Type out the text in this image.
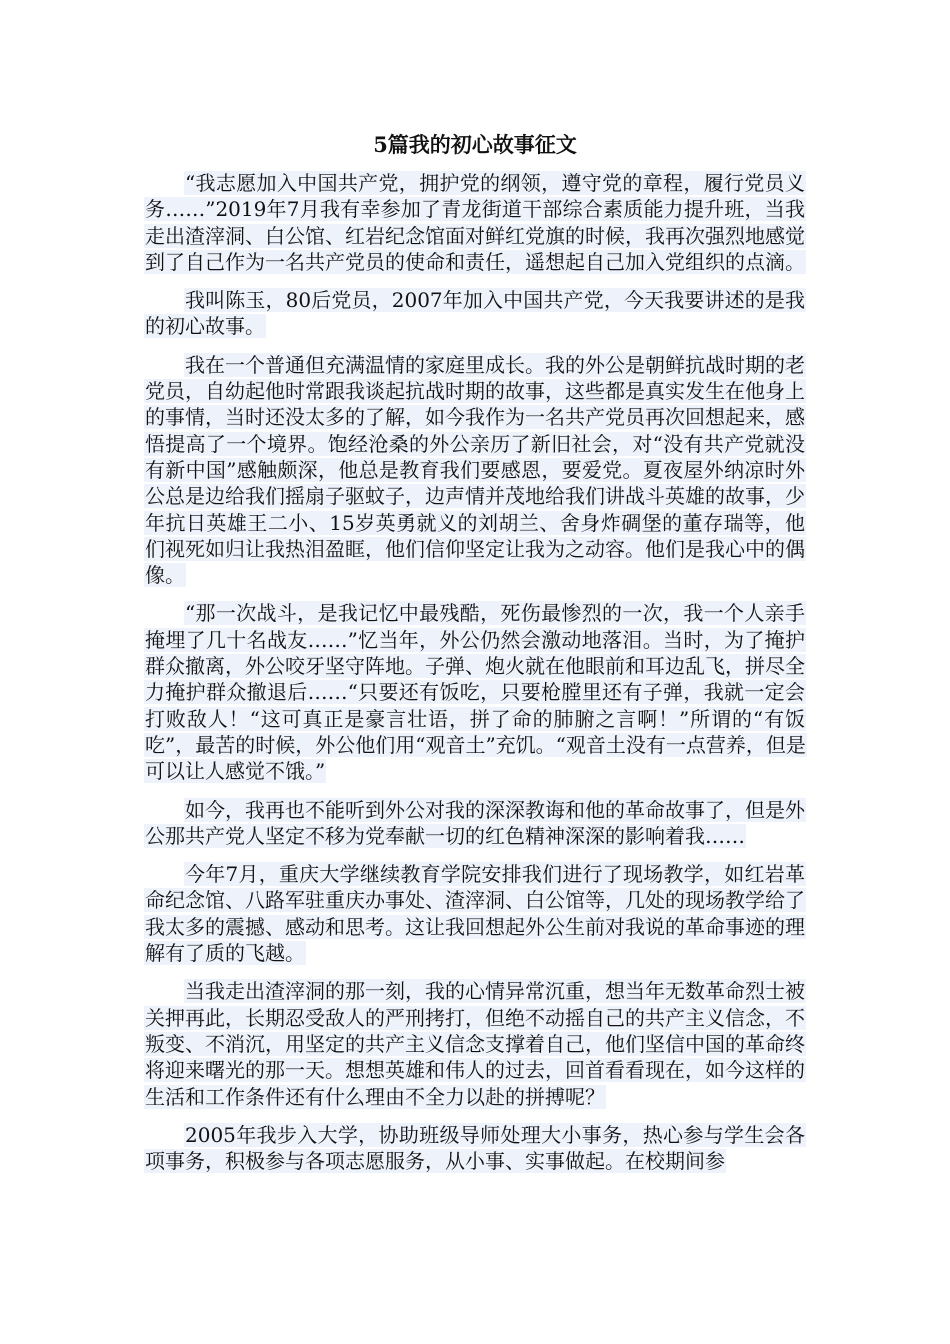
5篇我的初心故事征文

“我志愿加入中国共产党，拥护党的纲领，遵守党的章程，履行党员义务……”2019年7月我有幸参加了青龙街道干部综合素质能力提升班，当我走出渣滓洞、白公馆、红岩纪念馆面对鲜红党旗的时候，我再次强烈地感觉到了自己作为一名共产党员的使命和责任，遥想起自己加入党组织的点滴。

我叫陈玉，80后党员，2007年加入中国共产党，今天我要讲述的是我的初心故事。

我在一个普通但充满温情的家庭里成长。我的外公是朝鲜抗战时期的老党员，自幼起他时常跟我谈起抗战时期的故事，这些都是真实发生在他身上的事情，当时还没太多的了解，如今我作为一名共产党员再次回想起来，感悟提高了一个境界。饱经沧桑的外公亲历了新旧社会，对“没有共产党就没有新中国”感触颇深，他总是教育我们要感恩，要爱党。夏夜屋外纳凉时外公总是边给我们摇扇子驱蚊子，边声情并茂地给我们讲战斗英雄的故事，少年抗日英雄王二小、15岁英勇就义的刘胡兰、舍身炸碉堡的董存瑞等，他们视死如归让我热泪盈眶，他们信仰坚定让我为之动容。他们是我心中的偶像。

“那一次战斗，是我记忆中最残酷，死伤最惨烈的一次，我一个人亲手掩埋了几十名战友……”忆当年，外公仍然会激动地落泪。当时，为了掩护群众撤离，外公咬牙坚守阵地。子弹、炮火就在他眼前和耳边乱飞，拼尽全力掩护群众撤退后……“只要还有饭吃，只要枪膛里还有子弹，我就一定会打败敌人！“这可真正是豪言壮语，拼了命的肺腑之言啊！”所谓的“有饭吃”，最苦的时候，外公他们用“观音土”充饥。“观音土没有一点营养，但是可以让人感觉不饿。”

如今，我再也不能听到外公对我的深深教诲和他的革命故事了，但是外公那共产党人坚定不移为党奉献一切的红色精神深深的影响着我……

今年7月，重庆大学继续教育学院安排我们进行了现场教学，如红岩革命纪念馆、八路军驻重庆办事处、渣滓洞、白公馆等，几处的现场教学给了我太多的震撼、感动和思考。这让我回想起外公生前对我说的革命事迹的理解有了质的飞越。

当我走出渣滓洞的那一刻，我的心情异常沉重，想当年无数革命烈士被关押再此，长期忍受敌人的严刑拷打，但绝不动摇自己的共产主义信念，不叛变、不消沉，用坚定的共产主义信念支撑着自己，他们坚信中国的革命终将迎来曙光的那一天。想想英雄和伟人的过去，回首看看现在，如今这样的生活和工作条件还有什么理由不全力以赴的拼搏呢？

2005年我步入大学，协助班级导师处理大小事务，热心参与学生会各项事务，积极参与各项志愿服务，从小事、实事做起。在校期间参
